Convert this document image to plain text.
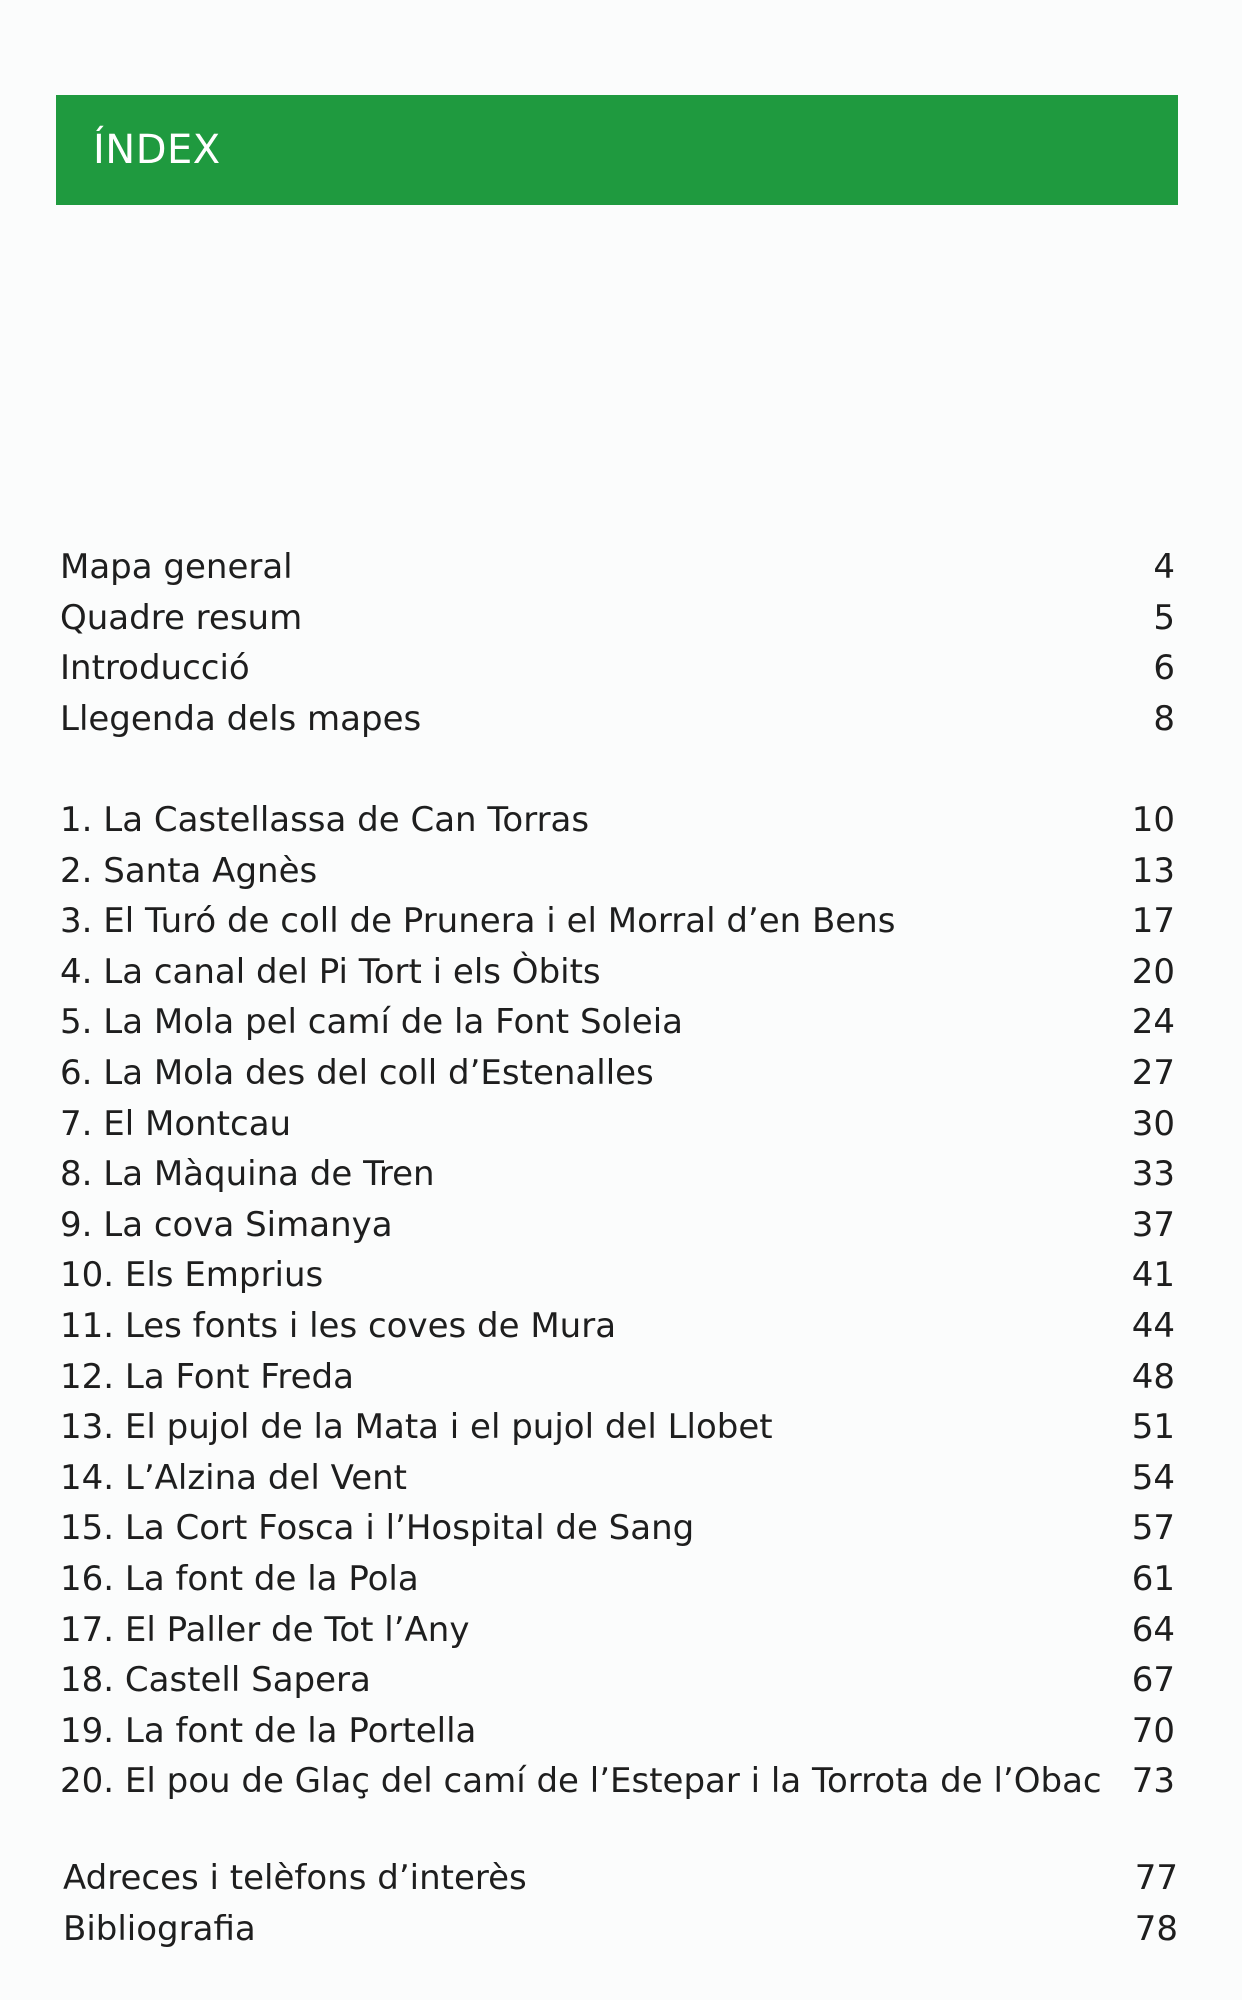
ÍNDEX
Mapa general	4
Quadre resum	5
Introducció	6
Llegenda dels mapes	8
1. La Castellassa de Can Torras	10
2. Santa Agnès	13
3. El Turó de coll de Prunera i el Morral d’en Bens	17
4. La canal del Pi Tort i els Òbits	20
5. La Mola pel camí de la Font Soleia	24
6. La Mola des del coll d’Estenalles	27
7. El Montcau	30
8. La Màquina de Tren	33
9. La cova Simanya	37
10. Els Emprius	41
11. Les fonts i les coves de Mura	44
12. La Font Freda	48
13. El pujol de la Mata i el pujol del Llobet	51
14. L’Alzina del Vent	54
15. La Cort Fosca i l’Hospital de Sang	57
16. La font de la Pola	61
17. El Paller de Tot l’Any	64
18. Castell Sapera	67
19. La font de la Portella	70
20. El pou de Glaç del camí de l’Estepar i la Torrota de l’Obac 73
Adreces i telèfons d’interès	77
Bibliografia	78
